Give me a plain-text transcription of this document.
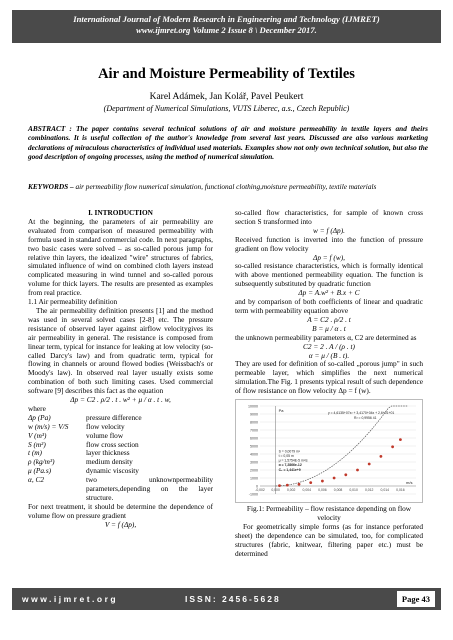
International Journal of Modern Research in Engineering and Technology (IJMRET)
www.ijmret.org Volume 2 Issue 8 \ December 2017.
Air and Moisture Permeability of Textiles
Karel Adámek, Jan Kolář, Pavel Peukert
(Department of Numerical Simulations, VUTS Liberec, a.s., Czech Republic)
ABSTRACT : The paper contains several technical solutions of air and moisture permeability in textile layers and theirs combinations. It is useful collection of the author's knowledge from several last years. Discussed are also various marketing declarations of miraculous characteristics of individual used materials. Examples show not only own technical solution, but also the good description of ongoing processes, using the method of numerical simulation.
KEYWORDS – air permeability flow numerical simulation, functional clothing,moisture permeability, textile materials

I. INTRODUCTION

At the beginning, the parameters of air permeability are evaluated from comparison of measured permeability with formula used in standard commercial code. In next paragraphs, two basic cases were solved – as so-called porous jump for relative thin layers, the idealized "wire" structures of fabrics, simulated influence of wind on combined cloth layers instead complicated measuring in wind tunnel and so-called porous volume for thick layers. The results are presented as examples from real practice.

1.1 Air permeability definition

The air permeability definition presents [1] and the method was used in several solved cases [2-8] etc. The pressure resistance of observed layer against airflow velocitygives its air permeability in general. The resistance is composed from linear term, typical for instance for leaking at low velocity (so-called Darcy's law) and from quadratic term, typical for flowing in channels or around flowed bodies (Weissbach's or Moody's law). In observed real layer usually exists some combination of both such limiting cases. Used commercial software [9] describes this fact as the equation

Δp = C2 . ρ/2 . t . w² + μ / α . t . w,

where

Δp (Pa)	pressure difference
w (m/s) = V/S	flow velocity
V (m³)	volume flow
S (m²)	flow cross section
t (m)	layer thickness
ρ (kg/m³)	medium density
μ (Pa.s)	dynamic viscosity
α, C2	two unknownpermeability parameters,depending on the layer structure.

For next treatment, it should be determine the dependence of volume flow on pressure gradient

V = f (Δp),

so-called flow characteristics, for sample of known cross section S transformed into

w = f (Δp).

Received function is inverted into the function of pressure gradient on flow velocity

Δp = f (w),

so-called resistance characteristics, which is formally identical with above mentioned permeability equation. The function is subsequently substituted by quadratic function

Δp = A.w² + B.x + C

and by comparison of both coefficients of linear and quadratic term with permeability equation above

A = C2 . ρ/2 . t

B = μ / α . t

the unknown permeability parameters α, C2 are determined as

C2 = 2 . A / (ρ . t)

α = μ / (B . t).

They are used for definition of so-called „porous jump" in such permeable layer, which simplifies the next numerical simulation.The Fig. 1 presents typical result of such dependence of flow resistance on flow velocity Δp = f (w).

-1000
0
1000
2000
3000
4000
5000
6000
7000
8000
9000
10000
-0,002 0,000 0,002 0,004 0,006 0,008 0,010 0,012 0,014 0,016
Pa
m/s
y = 4,6135+07x² + 3,4170+04x + 2,6+01+01
R² = 0,9956 41
S = 0,0079 m²
t = 0,05 m
μ = 1,5754E-5 m²/s
α = 7,2866e-12
C₂ = 1,441e+9

Fig.1: Permeability – flow resistance depending on flow velocity

For geometrically simple forms (as for instance perforated sheet) the dependence can be simulated, too, for complicated structures (fabric, knitwear, filtering paper etc.) must be determined

www.ijmret.org	ISSN: 2456-5628	Page 43
